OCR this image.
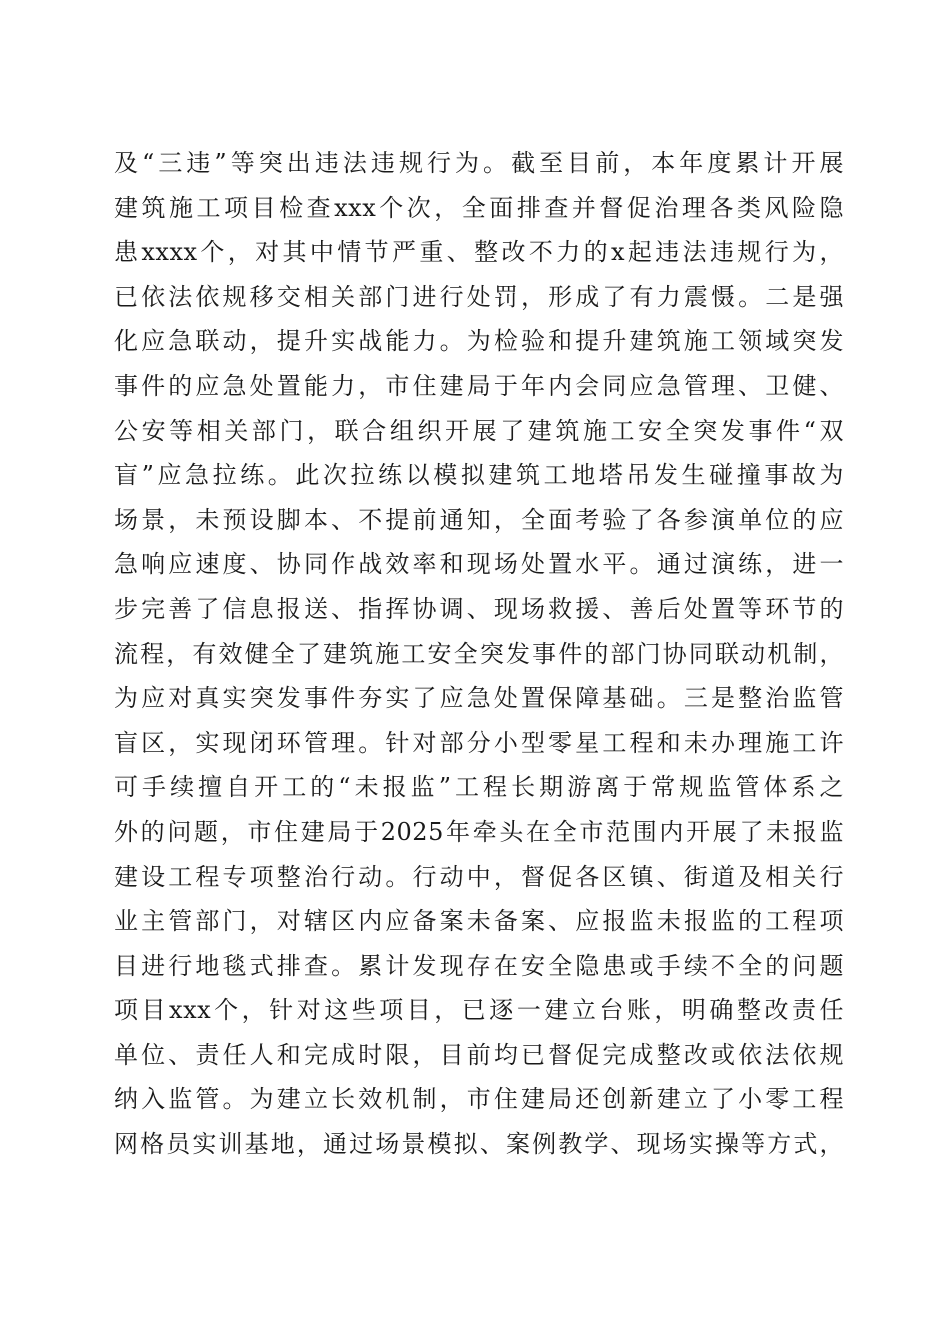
及“三违”等突出违法违规行为。截至目前，本年度累计开展
建筑施工项目检查xxx个次，全面排查并督促治理各类风险隐
患xxxx个，对其中情节严重、整改不力的x起违法违规行为，
已依法依规移交相关部门进行处罚，形成了有力震慑。二是强
化应急联动，提升实战能力。为检验和提升建筑施工领域突发
事件的应急处置能力，市住建局于年内会同应急管理、卫健、
公安等相关部门，联合组织开展了建筑施工安全突发事件“双
盲”应急拉练。此次拉练以模拟建筑工地塔吊发生碰撞事故为
场景，未预设脚本、不提前通知，全面考验了各参演单位的应
急响应速度、协同作战效率和现场处置水平。通过演练，进一
步完善了信息报送、指挥协调、现场救援、善后处置等环节的
流程，有效健全了建筑施工安全突发事件的部门协同联动机制，
为应对真实突发事件夯实了应急处置保障基础。三是整治监管
盲区，实现闭环管理。针对部分小型零星工程和未办理施工许
可手续擅自开工的“未报监”工程长期游离于常规监管体系之
外的问题，市住建局于2025年牵头在全市范围内开展了未报监
建设工程专项整治行动。行动中，督促各区镇、街道及相关行
业主管部门，对辖区内应备案未备案、应报监未报监的工程项
目进行地毯式排查。累计发现存在安全隐患或手续不全的问题
项目xxx个，针对这些项目，已逐一建立台账，明确整改责任
单位、责任人和完成时限，目前均已督促完成整改或依法依规
纳入监管。为建立长效机制，市住建局还创新建立了小零工程
网格员实训基地，通过场景模拟、案例教学、现场实操等方式，
